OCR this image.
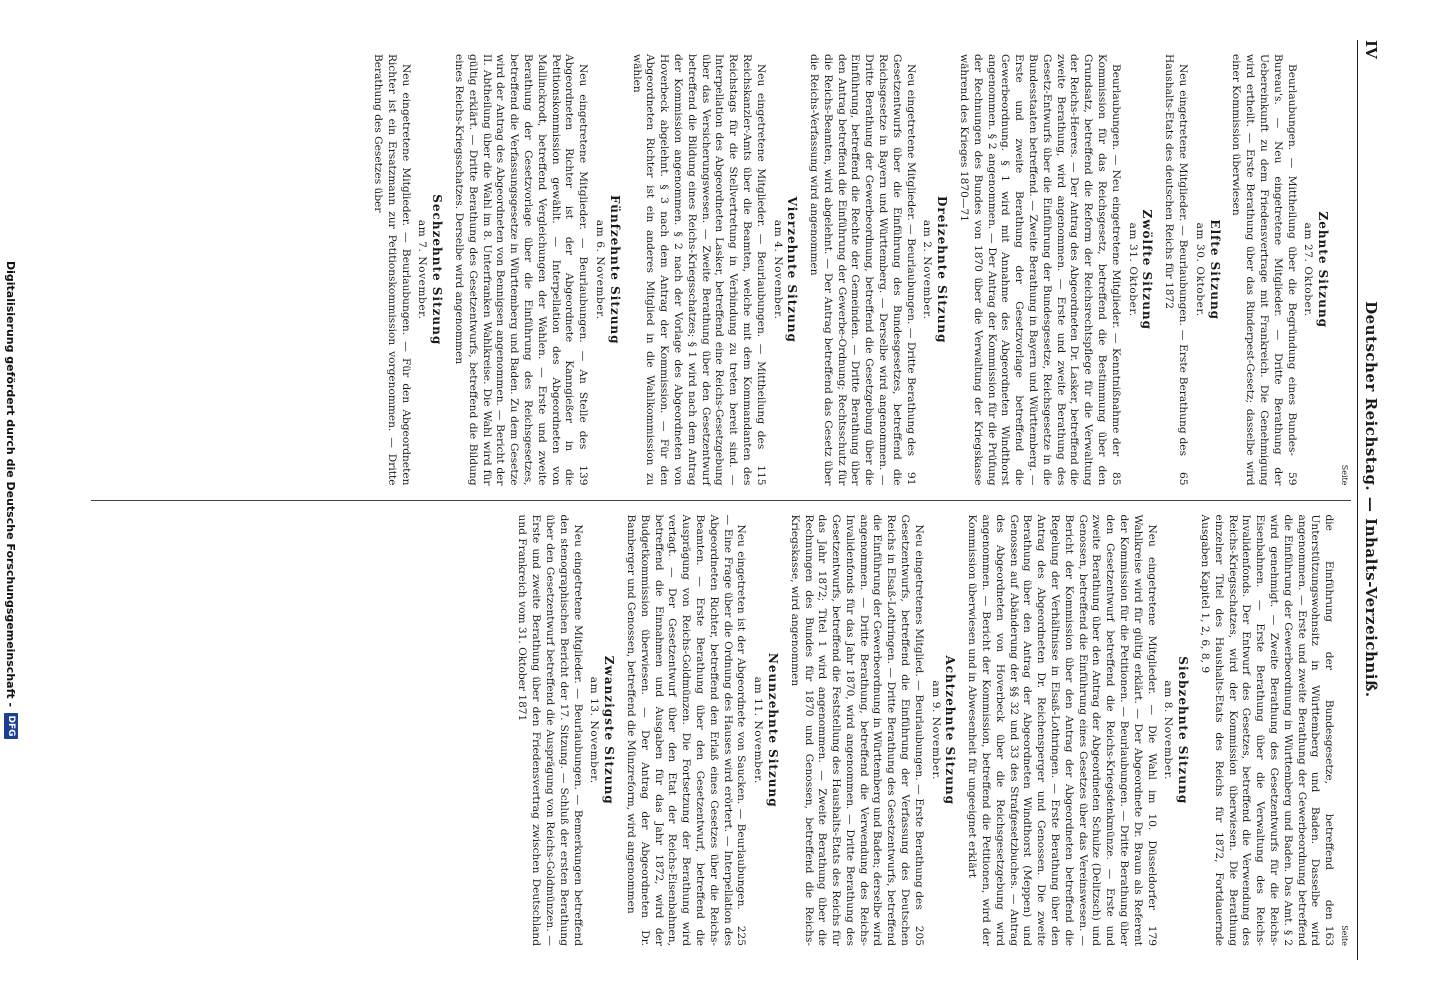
IV
Deutscher Reichstag. — Inhalts-Verzeichniß.
Seite
Zehnte Sitzung
am 27. Oktober.
59
Beurlaubungen. — Mittheilung über die Begründung eines Bundes-Bureau's. — Neu eingetretene Mitglieder. — Dritte Berathung der Uebereinkunft zu dem Friedensvertrage mit Frankreich. Die Genehmigung wird ertheilt. — Erste Berathung über das Rinderpest-Gesetz; dasselbe wird einer Kommission überwiesen
Elfte Sitzung
am 30. Oktober.
65
Neu eingetretene Mitglieder. — Beurlaubungen. — Erste Berathung des Haushalts-Etats des deutschen Reichs für 1872
Zwölfte Sitzung
am 31. Oktober.
85
Beurlaubungen. — Neu eingetretene Mitglieder. — Kenntnißnahme der Kommission für das Reichsgesetz, betreffend die Bestimmung über den Grundsatz, betreffend die Reform der Reichsrechtspflege für die Verwaltung der Reichs-Heeres. — Der Antrag des Abgeordneten Dr. Lasker, betreffend die zweite Berathung, wird angenommen. — Erste und zweite Berathung des Gesetz-Entwurfs über die Einführung der Bundesgesetze, Reichsgesetze in die Bundesstaaten betreffend. — Zweite Berathung in Bayern und Württemberg. — Erste und zweite Berathung der Gesetzvorlage betreffend die Gewerbeordnung. § 1 wird mit Annahme des Abgeordneten Windthorst angenommen. § 2 angenommen. — Der Antrag der Kommission für die Prüfung der Rechnungen des Bundes von 1870 über die Verwaltung der Kriegskasse während des Krieges 1870—71
Dreizehnte Sitzung
am 2. November.
91
Neu eingetretene Mitglieder. — Beurlaubungen. — Dritte Berathung des Gesetzentwurfs über die Einführung des Bundesgesetzes, betreffend die Reichsgesetze in Bayern und Württemberg. — Derselbe wird angenommen. — Dritte Berathung der Gewerbeordnung, betreffend die Gesetzgebung über die Einführung, betreffend die Rechte der Gemeinden. — Dritte Berathung über den Antrag betreffend die Einführung der Gewerbe-Ordnung; Rechtsschutz für die Reichs-Beamten, wird abgelehnt. — Der Antrag betreffend das Gesetz über die Reichs-Verfassung wird angenommen
Vierzehnte Sitzung
am 4. November.
115
Neu eingetretene Mitglieder. — Beurlaubungen. — Mittheilung des Reichskanzler-Amts über die Beamten, welche mit dem Kommandanten des Reichstags für die Stellvertretung in Verbindung zu treten bereit sind. — Interpellation des Abgeordneten Lasker, betreffend eine Reichs-Gesetzgebung über das Versicherungswesen. — Zweite Berathung über den Gesetzentwurf betreffend die Bildung eines Reichs-Kriegsschatzes; § 1 wird nach dem Antrag der Kommission angenommen. § 2 nach der Vorlage des Abgeordneten von Hoverbeck abgelehnt. § 3 nach dem Antrag der Kommission. — Für den Abgeordneten Richter ist ein anderes Mitglied in die Wahlkommission zu wählen
Fünfzehnte Sitzung
am 6. November.
139
Neu eingetretene Mitglieder. — Beurlaubungen. — An Stelle des Abgeordneten Richter ist der Abgeordnete Kanngießer in die Petitionskommission gewählt. — Interpellation des Abgeordneten von Mallinckrodt, betreffend Vergleichungen der Wahlen. — Erste und zweite Berathung der Gesetzvorlage über die Einführung des Reichsgesetzes, betreffend die Verfassungsgesetze in Württemberg und Baden. Zu dem Gesetze wird der Antrag des Abgeordneten von Bennigsen angenommen. — Bericht der II. Abtheilung über die Wahl im 8. Unterfranken Wahlkreise. Die Wahl wird für gültig erklärt. — Dritte Berathung des Gesetzentwurfs, betreffend die Bildung eines Reichs-Kriegsschatzes. Derselbe wird angenommen
Sechzehnte Sitzung
am 7. November.
Neu eingetretene Mitglieder. — Beurlaubungen. — Für den Abgeordneten Richter ist ein Ersatzmann zur Petitionskommission vorgenommen. — Dritte Berathung des Gesetzes über
Seite
163
die Einführung der Bundesgesetze, betreffend den Unterstützungswohnsitz in Württemberg und Baden. Dasselbe wird angenommen. — Erste und zweite Berathung der Gewerbeordnung betreffend die Einführung der Gewerbeordnung in Württemberg und Baden. Das Amt. § 2 wird genehmigt. — Zweite Berathung des Gesetzentwurfs für die Reichs-Eisenbahnen. — Erste Berathung über die Verwaltung des Reichs-Invalidenfonds. Der Entwurf des Gesetzes, betreffend die Verwendung des Reichs-Kriegsschatzes, wird der Kommission überwiesen. Die Berathung einzelner Titel des Haushalts-Etats des Reichs für 1872, Fortdauernde Ausgaben Kapitel 1, 2, 6, 8, 9
Siebzehnte Sitzung
am 8. November.
179
Neu eingetretene Mitglieder. — Die Wahl im 10. Düsseldorfer Wahlkreise wird für gültig erklärt. — Der Abgeordnete Dr. Braun als Referent der Kommission für die Petitionen. — Beurlaubungen. — Dritte Berathung über den Gesetzentwurf betreffend die Reichs-Kriegsdenkmünze. — Erste und zweite Berathung über den Antrag der Abgeordneten Schulze (Delitzsch) und Genossen, betreffend die Einführung eines Gesetzes über das Vereinswesen. — Bericht der Kommission über den Antrag der Abgeordneten betreffend die Regelung der Verhältnisse in Elsaß-Lothringen. — Erste Berathung über den Antrag des Abgeordneten Dr. Reichensperger und Genossen. Die zweite Berathung über den Antrag der Abgeordneten Windthorst (Meppen) und Genossen auf Abänderung der §§ 32 und 33 des Strafgesetzbuches. — Antrag des Abgeordneten von Hoverbeck über die Reichsgesetzgebung wird angenommen. — Bericht der Kommission, betreffend die Petitionen, wird der Kommission überwiesen und in Abwesenheit für ungeeignet erklärt
Achtzehnte Sitzung
am 9. November.
205
Neu eingetretenes Mitglied. — Beurlaubungen. — Erste Berathung des Gesetzentwurfs, betreffend die Einführung der Verfassung des Deutschen Reichs in Elsaß-Lothringen. — Dritte Berathung des Gesetzentwurfs, betreffend die Einführung der Gewerbeordnung in Württemberg und Baden; derselbe wird angenommen. — Dritte Berathung, betreffend die Verwendung des Reichs-Invalidenfonds für das Jahr 1870, wird angenommen. — Dritte Berathung des Gesetzentwurfs, betreffend die Feststellung des Haushalts-Etats des Reichs für das Jahr 1872; Titel 1 wird angenommen. — Zweite Berathung über die Rechnungen des Bundes für 1870 und Genossen, betreffend die Reichs-Kriegskasse, wird angenommen
Neunzehnte Sitzung
am 11. November.
225
Neu eingetreten ist der Abgeordnete von Saucken. — Beurlaubungen. — Eine Frage über die Ordnung des Hauses wird erörtert. — Interpellation des Abgeordneten Richter, betreffend den Erlaß eines Gesetzes über die Reichs-Beamten. — Erste Berathung über den Gesetzentwurf, betreffend die Ausprägung von Reichs-Goldmünzen. Die Fortsetzung der Berathung wird vertagt. — Der Gesetzentwurf über den Etat der Reichs-Eisenbahnen, betreffend die Einnahmen und Ausgaben für das Jahr 1872, wird der Budgetkommission überwiesen. — Der Antrag der Abgeordneten Dr. Bamberger und Genossen, betreffend die Münzreform, wird angenommen
Zwanzigste Sitzung
am 13. November.
Neu eingetretene Mitglieder. — Beurlaubungen. — Bemerkungen betreffend den stenographischen Bericht der 17. Sitzung. — Schluß der ersten Berathung über den Gesetzentwurf betreffend die Ausprägung von Reichs-Goldmünzen. — Erste und zweite Berathung über den Friedensvertrag zwischen Deutschland und Frankreich vom 31. Oktober 1871
Digitalisierung gefördert durch die Deutsche Forschungsgemeinschaft -
DFG
